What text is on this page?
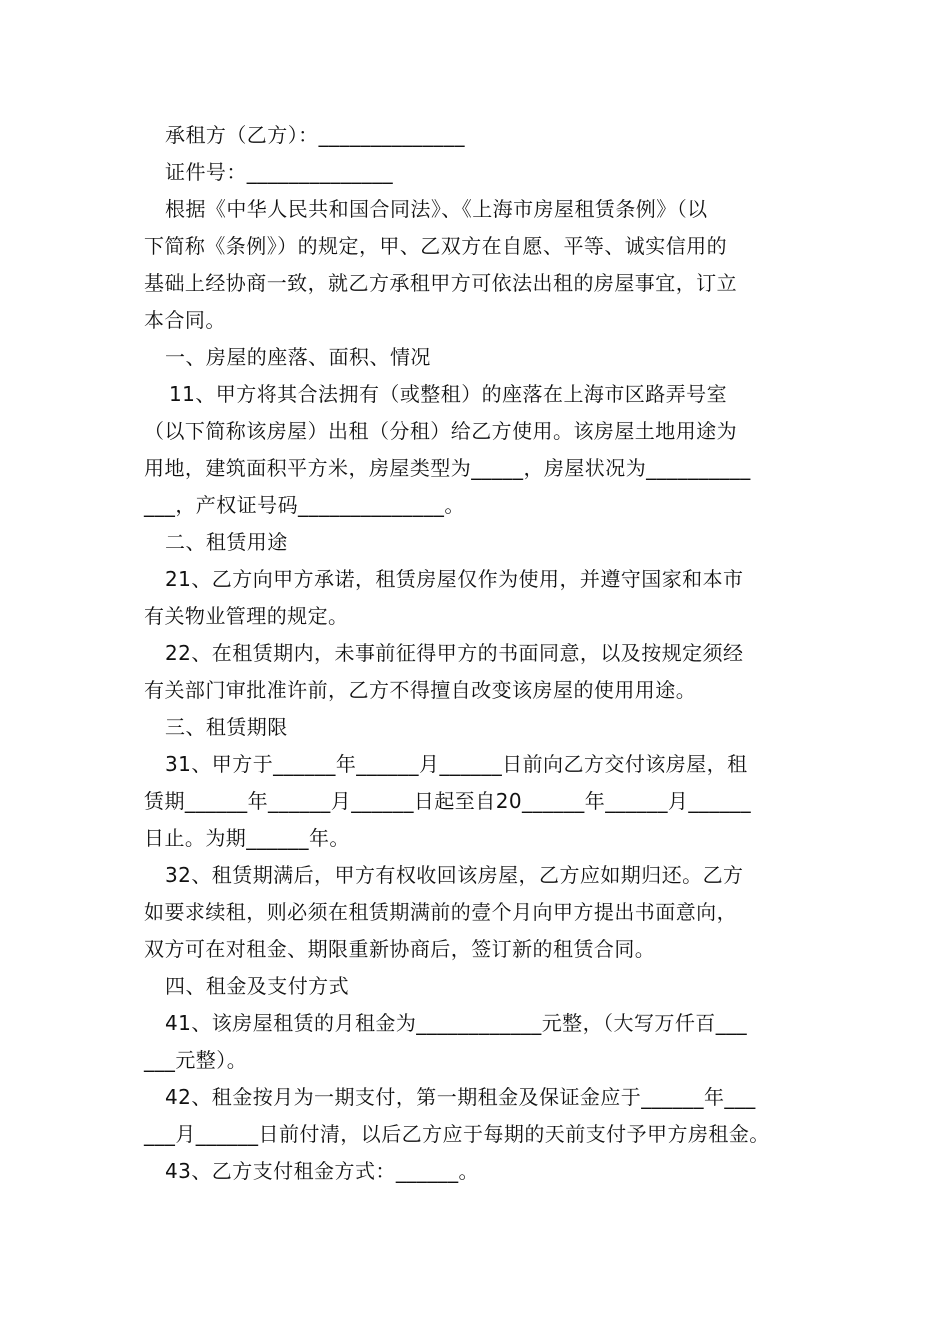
承租方（乙方）：______________
证件号：______________
根据《中华人民共和国合同法》、《上海市房屋租赁条例》（以
下简称《条例》）的规定，甲、乙双方在自愿、平等、诚实信用的
基础上经协商一致，就乙方承租甲方可依法出租的房屋事宜，订立
本合同。
一、房屋的座落、面积、情况
11、甲方将其合法拥有（或整租）的座落在上海市区路弄号室
（以下简称该房屋）出租（分租）给乙方使用。该房屋土地用途为
用地，建筑面积平方米，房屋类型为_____，房屋状况为__________
___，产权证号码______________。
二、租赁用途
21、乙方向甲方承诺，租赁房屋仅作为使用，并遵守国家和本市
有关物业管理的规定。
22、在租赁期内，未事前征得甲方的书面同意，以及按规定须经
有关部门审批准许前，乙方不得擅自改变该房屋的使用用途。
三、租赁期限
31、甲方于______年______月______日前向乙方交付该房屋，租
赁期______年______月______日起至自20______年______月______
日止。为期______年。
32、租赁期满后，甲方有权收回该房屋，乙方应如期归还。乙方
如要求续租，则必须在租赁期满前的壹个月向甲方提出书面意向，
双方可在对租金、期限重新协商后，签订新的租赁合同。
四、租金及支付方式
41、该房屋租赁的月租金为____________元整，（大写万仟百___
___元整）。
42、租金按月为一期支付，第一期租金及保证金应于______年___
___月______日前付清，以后乙方应于每期的天前支付予甲方房租金。
43、乙方支付租金方式：______。
